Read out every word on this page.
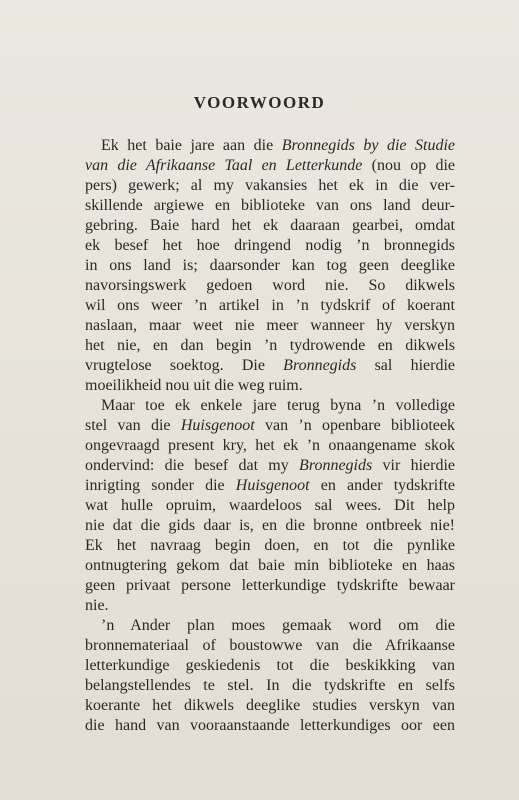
VOORWOORD
Ek het baie jare aan die Bronnegids by die Studie
van die Afrikaanse Taal en Letterkunde (nou op die
pers) gewerk; al my vakansies het ek in die ver-
skillende argiewe en biblioteke van ons land deur-
gebring. Baie hard het ek daaraan gearbei, omdat
ek besef het hoe dringend nodig ’n bronnegids
in ons land is; daarsonder kan tog geen deeglike
navorsingswerk gedoen word nie. So dikwels
wil ons weer ’n artikel in ’n tydskrif of koerant
naslaan, maar weet nie meer wanneer hy verskyn
het nie, en dan begin ’n tydrowende en dikwels
vrugtelose soektog. Die Bronnegids sal hierdie
moeilikheid nou uit die weg ruim.
Maar toe ek enkele jare terug byna ’n volledige
stel van die Huisgenoot van ’n openbare biblioteek
ongevraagd present kry, het ek ’n onaangename skok
ondervind: die besef dat my Bronnegids vir hierdie
inrigting sonder die Huisgenoot en ander tydskrifte
wat hulle opruim, waardeloos sal wees. Dit help
nie dat die gids daar is, en die bronne ontbreek nie!
Ek het navraag begin doen, en tot die pynlike
ontnugtering gekom dat baie min biblioteke en haas
geen privaat persone letterkundige tydskrifte bewaar
nie.
’n Ander plan moes gemaak word om die
bronnemateriaal of boustowwe van die Afrikaanse
letterkundige geskiedenis tot die beskikking van
belangstellendes te stel. In die tydskrifte en selfs
koerante het dikwels deeglike studies verskyn van
die hand van vooraanstaande letterkundiges oor een
